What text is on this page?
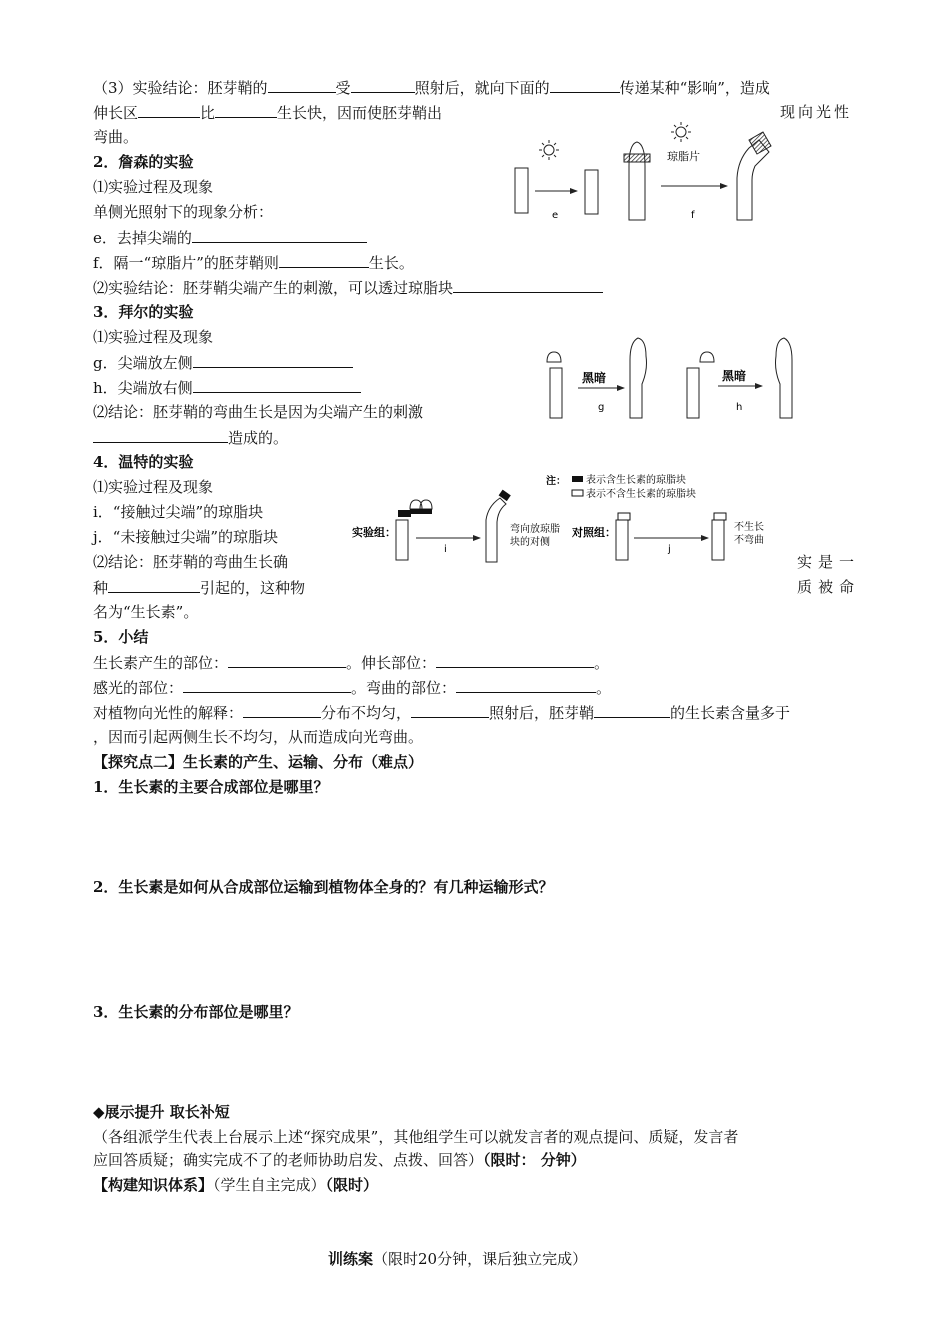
（3）实验结论：胚芽鞘的	受	照射后，就向下面的	传递某种“影响”，造成
伸长区	比	生长快，因而使胚芽鞘出	现向光性
弯曲。
2．詹森的实验
⑴实验过程及现象
单侧光照射下的现象分析：
e．去掉尖端的
f．隔一“琼脂片”的胚芽鞘则	生长。
⑵实验结论：胚芽鞘尖端产生的刺激，可以透过琼脂块
e
琼脂片
f
3．拜尔的实验
⑴实验过程及现象
g．尖端放左侧
h．尖端放右侧
⑵结论：胚芽鞘的弯曲生长是因为尖端产生的刺激
造成的。
黑暗
g
黑暗
h
4．温特的实验
⑴实验过程及现象
i．“接触过尖端”的琼脂块
j．“未接触过尖端”的琼脂块
⑵结论：胚芽鞘的弯曲生长确	实是一
种	引起的，这种物	质被命
名为“生长素”。
注： 表示含生长素的琼脂块
表示不含生长素的琼脂块
实验组：
i
弯向放琼脂
块的对侧
对照组：
j
不生长
不弯曲
5．小结
生长素产生的部位：	。伸长部位：	。
感光的部位：	。弯曲的部位：	。
对植物向光性的解释：	分布不均匀，	照射后，胚芽鞘	的生长素含量多于
，因而引起两侧生长不均匀，从而造成向光弯曲。
【探究点二】生长素的产生、运输、分布（难点）
1．生长素的主要合成部位是哪里？
2．生长素是如何从合成部位运输到植物体全身的？有几种运输形式？
3．生长素的分布部位是哪里？
◆展示提升 取长补短
（各组派学生代表上台展示上述“探究成果”，其他组学生可以就发言者的观点提问、质疑，发言者
应回答质疑；确实完成不了的老师协助启发、点拨、回答）（限时： 分钟）
【构建知识体系】（学生自主完成）（限时）
训练案（限时20分钟，课后独立完成）
